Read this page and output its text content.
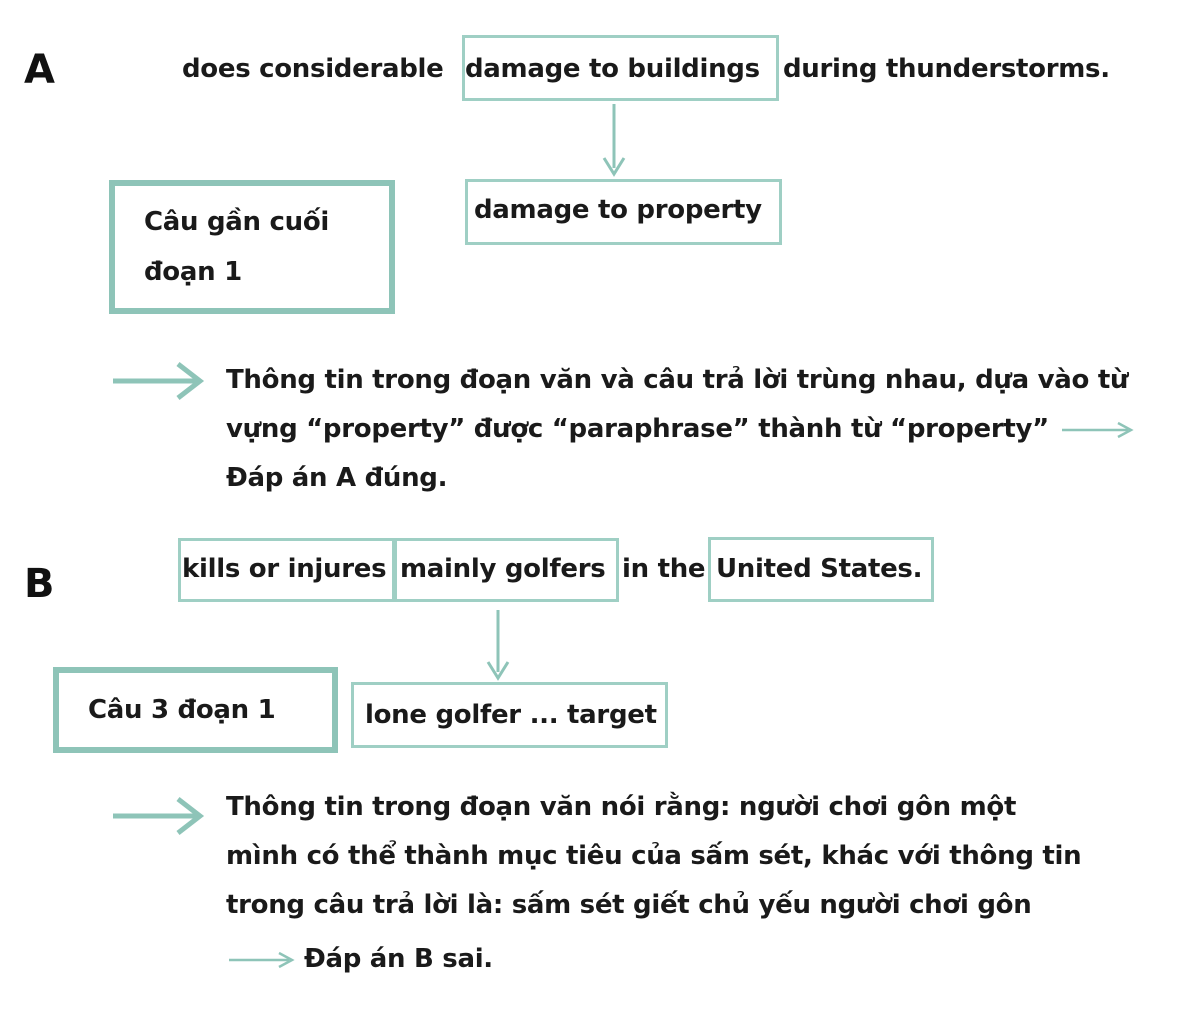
A	does considerable damage to buildings during thunderstorms.
damage to property
Câu gần cuối
đoạn 1
Thông tin trong đoạn văn và câu trả lời trùng nhau, dựa vào từ
vựng “property” được “paraphrase” thành từ “property”
Đáp án A đúng.
B	kills or injures mainly golfers in the United States.
Câu 3 đoạn 1	lone golfer ... target
Thông tin trong đoạn văn nói rằng: người chơi gôn một
mình có thể thành mục tiêu của sấm sét, khác với thông tin
trong câu trả lời là: sấm sét giết chủ yếu người chơi gôn
Đáp án B sai.
